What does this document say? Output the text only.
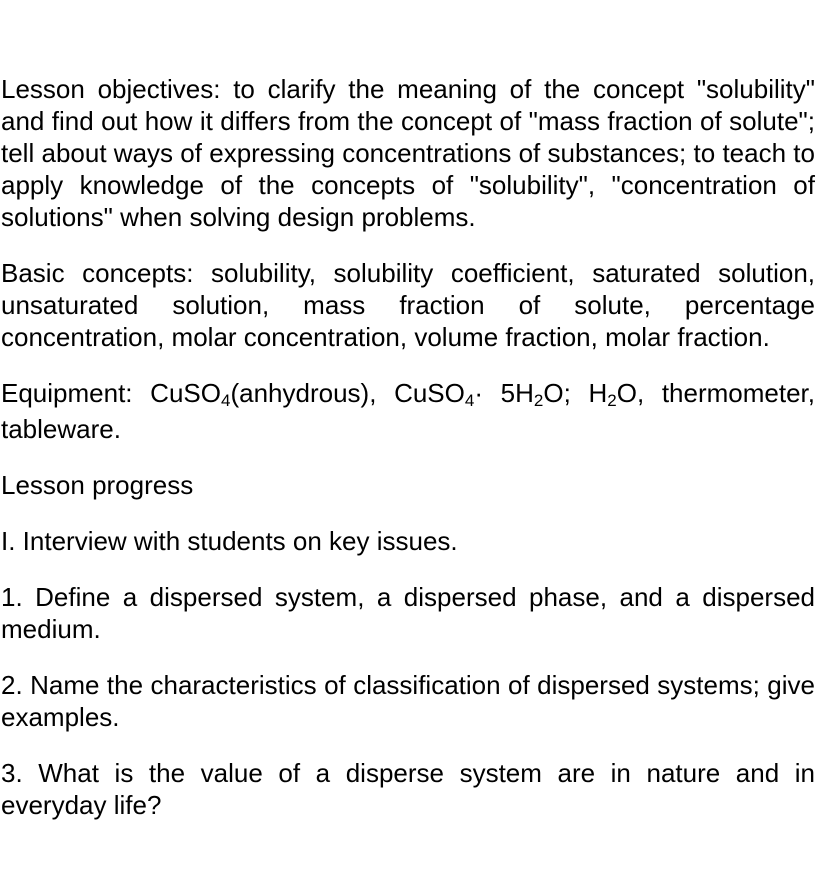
Lesson objectives: to clarify the meaning of the concept "solubility" and find out how it differs from the concept of "mass fraction of solute"; tell about ways of expressing concentrations of substances; to teach to apply knowledge of the concepts of "solubility", "concentration of solutions" when solving design problems.

Basic concepts: solubility, solubility coefficient, saturated solution, unsaturated solution, mass fraction of solute, percentage concentration, molar concentration, volume fraction, molar fraction.

Equipment: CuSO4(anhydrous), CuSO4· 5H2O; H2O, thermometer, tableware.

Lesson progress

I. Interview with students on key issues.

1. Define a dispersed system, a dispersed phase, and a dispersed medium.

2. Name the characteristics of classification of dispersed systems; give examples.

3. What is the value of a disperse system are in nature and in everyday life?
